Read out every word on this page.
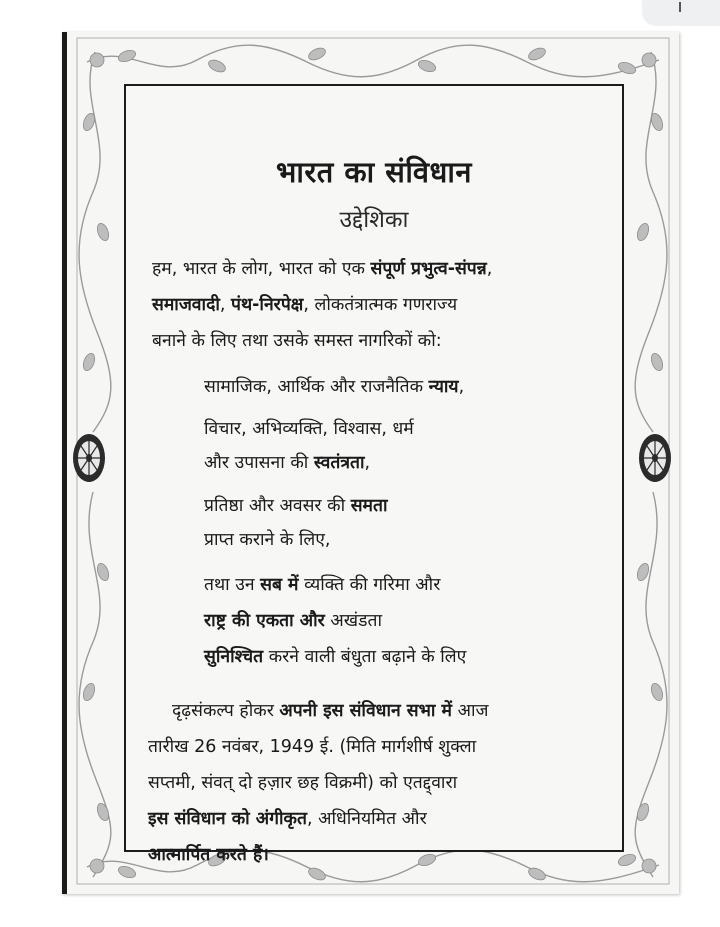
भारत का संविधान
उद्देशिका
हम, भारत के लोग, भारत को एक संपूर्ण प्रभुत्व-संपन्न,
समाजवादी, पंथ-निरपेक्ष, लोकतंत्रात्मक गणराज्य
बनाने के लिए तथा उसके समस्त नागरिकों को:
सामाजिक, आर्थिक और राजनैतिक न्याय,
विचार, अभिव्यक्ति, विश्वास, धर्म
और उपासना की स्वतंत्रता,
प्रतिष्ठा और अवसर की समता
प्राप्त कराने के लिए,
तथा उन सब में व्यक्ति की गरिमा और
राष्ट्र की एकता और अखंडता
सुनिश्चित करने वाली बंधुता बढ़ाने के लिए
दृढ़संकल्प होकर अपनी इस संविधान सभा में आज
तारीख 26 नवंबर, 1949 ई. (मिति मार्गशीर्ष शुक्ला
सप्तमी, संवत् दो हज़ार छह विक्रमी) को एतद्द्वारा
इस संविधान को अंगीकृत, अधिनियमित और
आत्मार्पित करते हैं।
